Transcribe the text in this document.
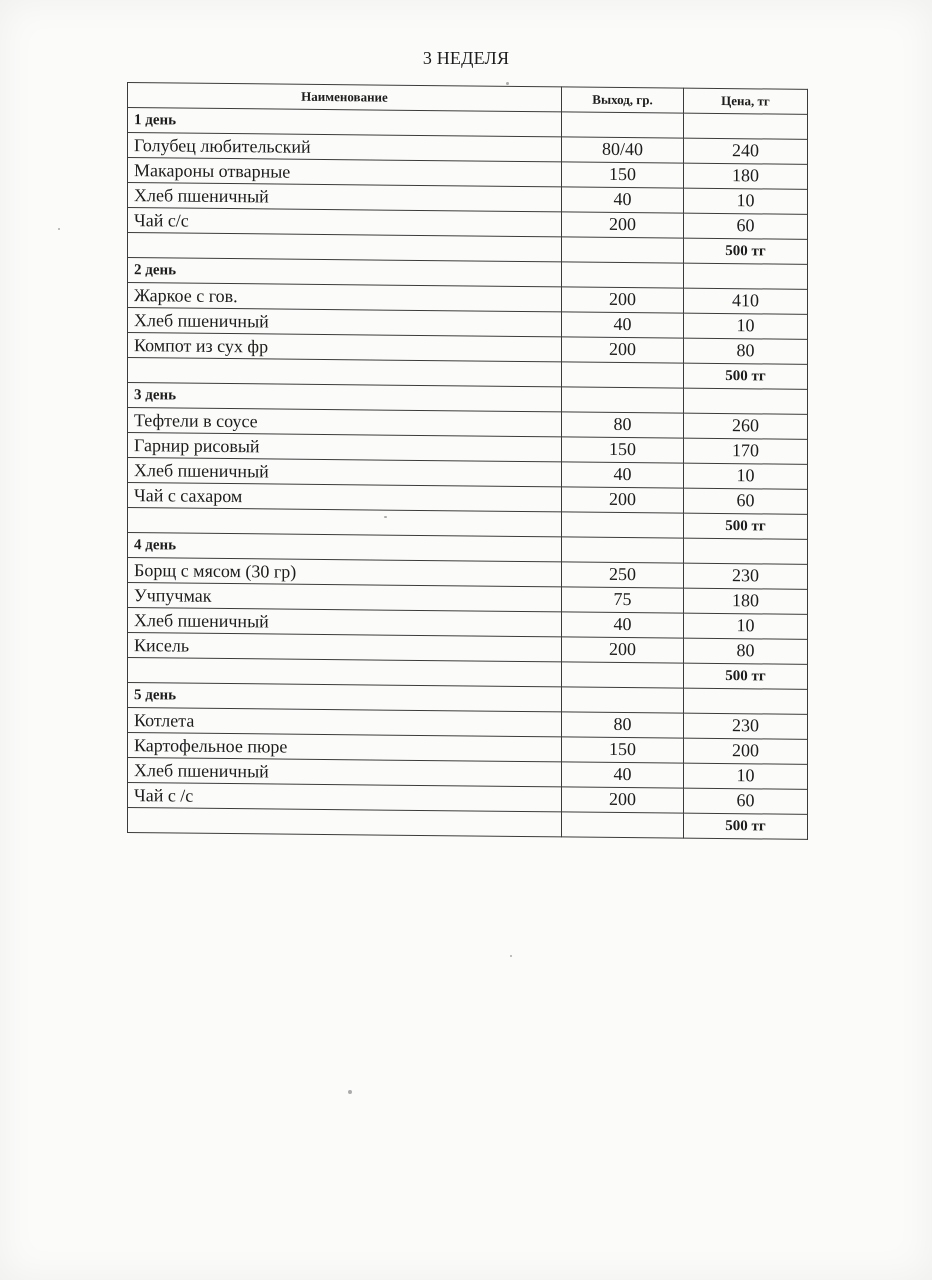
3 НЕДЕЛЯ
Наименование	Выход, гр.	Цена, тг
1 день		
Голубец любительский	80/40	240
Макароны отварные	150	180
Хлеб пшеничный	40	10
Чай с/с	200	60
		500 тг
2 день		
Жаркое с гов.	200	410
Хлеб пшеничный	40	10
Компот из сух фр	200	80
		500 тг
3 день		
Тефтели в соусе	80	260
Гарнир рисовый	150	170
Хлеб пшеничный	40	10
Чай с сахаром	200	60
		500 тг
4 день		
Борщ с мясом (30 гр)	250	230
Учпучмак	75	180
Хлеб пшеничный	40	10
Кисель	200	80
		500 тг
5 день		
Котлета	80	230
Картофельное пюре	150	200
Хлеб пшеничный	40	10
Чай с /с	200	60
		500 тг
